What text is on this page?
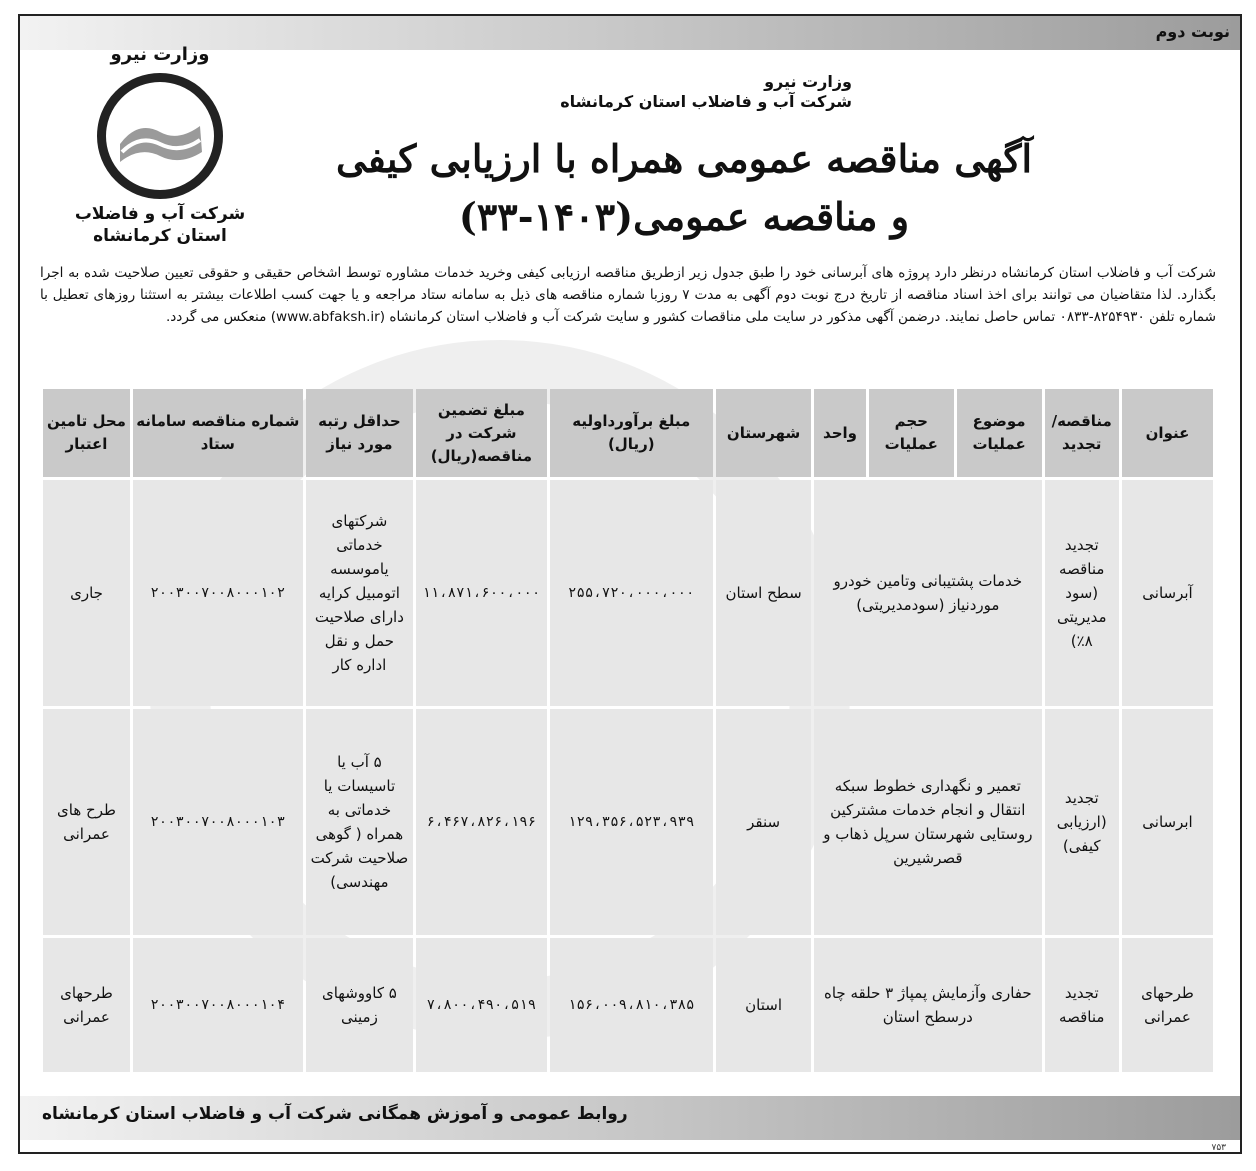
نوبت دوم
وزارت نیرو
شرکت آب و فاضلاب
استان کرمانشاه
وزارت نیرو
شرکت آب و فاضلاب استان کرمانشاه
آگهی مناقصه عمومی همراه با ارزیابی کیفی
و مناقصه عمومی(۱۴۰۳-۳۳)
شرکت آب و فاضلاب استان کرمانشاه درنظر دارد پروژه های آبرسانی خود را طبق جدول زیر ازطریق مناقصه ارزیابی کیفی وخرید خدمات مشاوره توسط اشخاص حقیقی و حقوقی تعیین صلاحیت شده به اجرا بگذارد. لذا متقاضیان می توانند برای اخذ اسناد مناقصه از تاریخ درج نوبت دوم آگهی به مدت ۷ روزبا شماره مناقصه های ذیل به سامانه ستاد مراجعه و یا جهت کسب اطلاعات بیشتر به استثنا روزهای تعطیل با شماره تلفن ۸۲۵۴۹۳۰-۰۸۳۳ تماس حاصل نمایند. درضمن آگهی مذکور در سایت ملی مناقصات کشور و سایت شرکت آب و فاضلاب استان کرمانشاه (www.abfaksh.ir) منعکس می گردد.
عنوان	مناقصه/ تجدید	موضوع عملیات	حجم عملیات	واحد	شهرستان	مبلغ برآورداولیه (ریال)	مبلغ تضمین شرکت در مناقصه(ریال)	حداقل رتبه مورد نیاز	شماره مناقصه سامانه ستاد	محل تامین اعتبار
آبرسانی	تجدید مناقصه (سود مدیریتی ۸٪)	خدمات پشتیبانی وتامین خودرو موردنیاز (سودمدیریتی)			سطح استان	۲۵۵،۷۲۰،۰۰۰،۰۰۰	۱۱،۸۷۱،۶۰۰،۰۰۰	شرکتهای خدماتی یاموسسه اتومبیل کرایه دارای صلاحیت حمل و نقل اداره کار	۲۰۰۳۰۰۷۰۰۸۰۰۰۱۰۲	جاری
ابرسانی	تجدید (ارزیابی کیفی)	تعمیر و نگهداری خطوط سبکه انتقال و انجام خدمات مشترکین روستایی شهرستان سرپل ذهاب و قصرشیرین			سنقر	۱۲۹،۳۵۶،۵۲۳،۹۳۹	۶،۴۶۷،۸۲۶،۱۹۶	۵ آب یا تاسیسات یا خدماتی به همراه ( گوهی صلاحیت شرکت مهندسی)	۲۰۰۳۰۰۷۰۰۸۰۰۰۱۰۳	طرح های عمرانی
طرحهای عمرانی	تجدید مناقصه	حفاری وآزمایش پمپاژ ۳ حلقه چاه درسطح استان			استان	۱۵۶،۰۰۹،۸۱۰،۳۸۵	۷،۸۰۰،۴۹۰،۵۱۹	۵ کاووشهای زمینی	۲۰۰۳۰۰۷۰۰۸۰۰۰۱۰۴	طرحهای عمرانی
روابط عمومی و آموزش همگانی شرکت آب و فاضلاب استان کرمانشاه
۷۵۳
